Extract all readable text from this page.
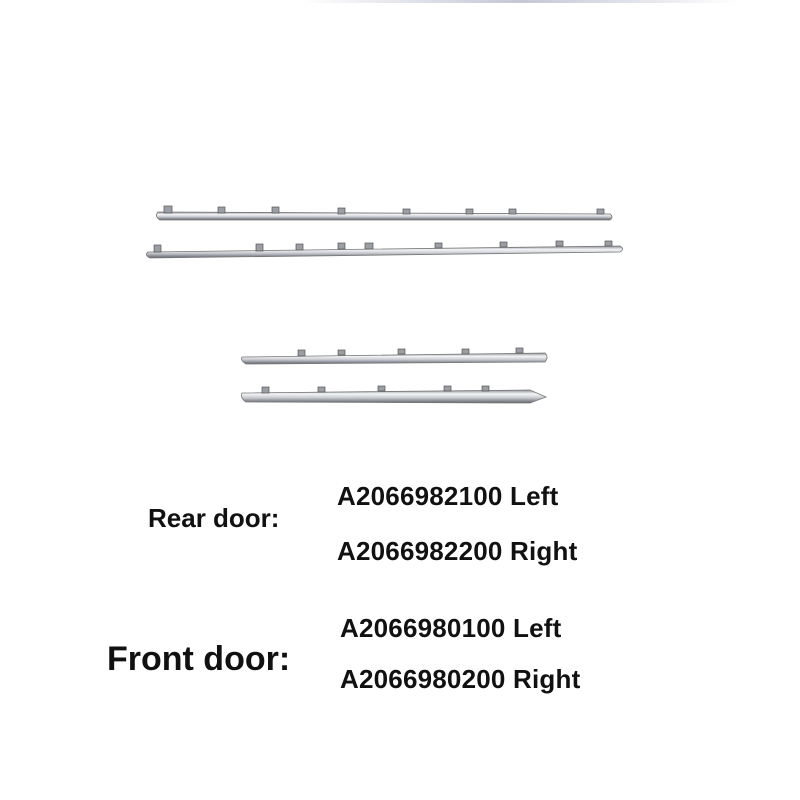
Rear door:
A2066982100 Left
A2066982200 Right
Front door:
A2066980100 Left
A2066980200 Right
